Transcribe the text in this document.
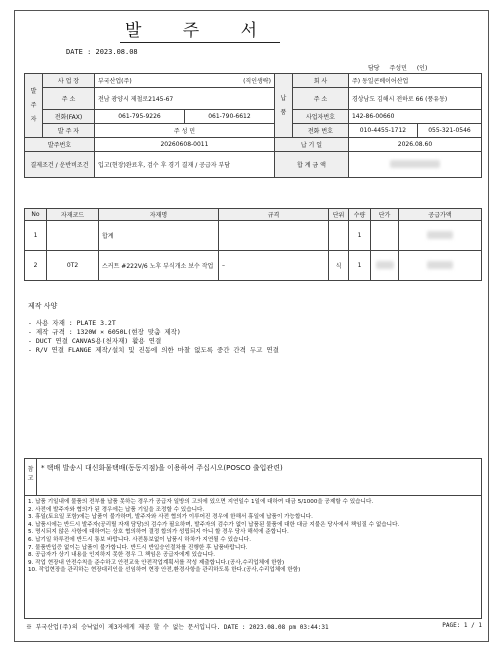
발 주 서
DATE : 2023.08.08
담당 주성민 (인)
발주자	사 업 장	부국산업(주) (직인생략)		납품	회 사	주) 동일콘베이어산업	
	주 소	전남 광양시 제철로2145-67			주 소	경상남도 김해시 전하로 66 (풍유동)	
	전화(FAX)	061-795-9226	061-790-6612		사업자번호	142-86-00660	
	발 주 자	주 성 민			전화 번호	010-4455-1712	055-321-0546
발주번호		20260608-0011		납 기 일		2026.08.60	
결제조건 / 운반비조건		입고(현장)완료후, 검수 후 경기 결재 / 공급자 부담		합 계 금 액			
No	자재코드	자재명	규격	단위	수량	단가	공급가액
1		합계			1		
2	0T2	스커트 #222V/6 노후 부식개소 보수 작업	–	식	1		
제작 사양
- 사용 자재 : PLATE 3.2T
- 제작 규격 : 1320W × 6050L(현장 맞춤 제작)
- DUCT 연결 CANVAS용(천자재) 활용 연결
- R/V 연결 FLANGE 제작/설치 및 진동에 의한 마찰 없도록 중간 간격 두고 연결
참고
* 택배 발송시 대신화물택배(동동지점)을 이용하여 주십시오(POSCO 출입관련)
1. 납품 기일내에 물품의 전부를 납품 못하는 경우가 공급자 일방의 고의에 있으면 지연일수 1일에 대하여 대금 5/1000을 공제할 수 있습니다.
2. 사전에 발주자와 협의가 된 경우에는 납품 기일을 조정할 수 있습니다.
3. 휴일(토요일 포함)에는 납품이 불가하며, 발주자와 사전 협의가 이루어진 경우에 한해서 휴일에 납품이 가능합니다.
4. 납품시에는 반드시 발주자(공리릴 자재 담당)의 검수가 필요하며, 발주자의 검수가 없이 납품된 물품에 대한 대금 지불은 당사에서 책임질 수 없습니다.
5. 명시되지 않은 사항에 대하여는 상호 협의하여 결정 합의가 성립되지 아니 할 경우 당사 해석에 준합니다.
6. 납기일 하루전에 반드시 통보 바랍니다. 사전통보없이 납품시 하차가 지연될 수 있습니다.
7. 물품반입증 없이는 납품이 불가합니다. 반드시 반입승인절차를 진행한 후 납품바랍니다.
8. 공급자가 상기 내용을 인지하지 못한 경우 그 책임은 공급자에게 있습니다.
9. 작업 현장내 안전수칙을 준수하고 안전교육 안전작업계획서를 작성 제출합니다.(공사,수리업체에 한함)
10. 작업현장을 관리하는 현장대리인을 선임하여 현장 안전,환경사항을 관리하도록 한다.(공사,수리업체에 한함)
※ 부국산업(주)의 승낙없이 제3자에게 제공 할 수 없는 문서입니다. DATE : 2023.08.08 pm 03:44:31	PAGE: 1 / 1
